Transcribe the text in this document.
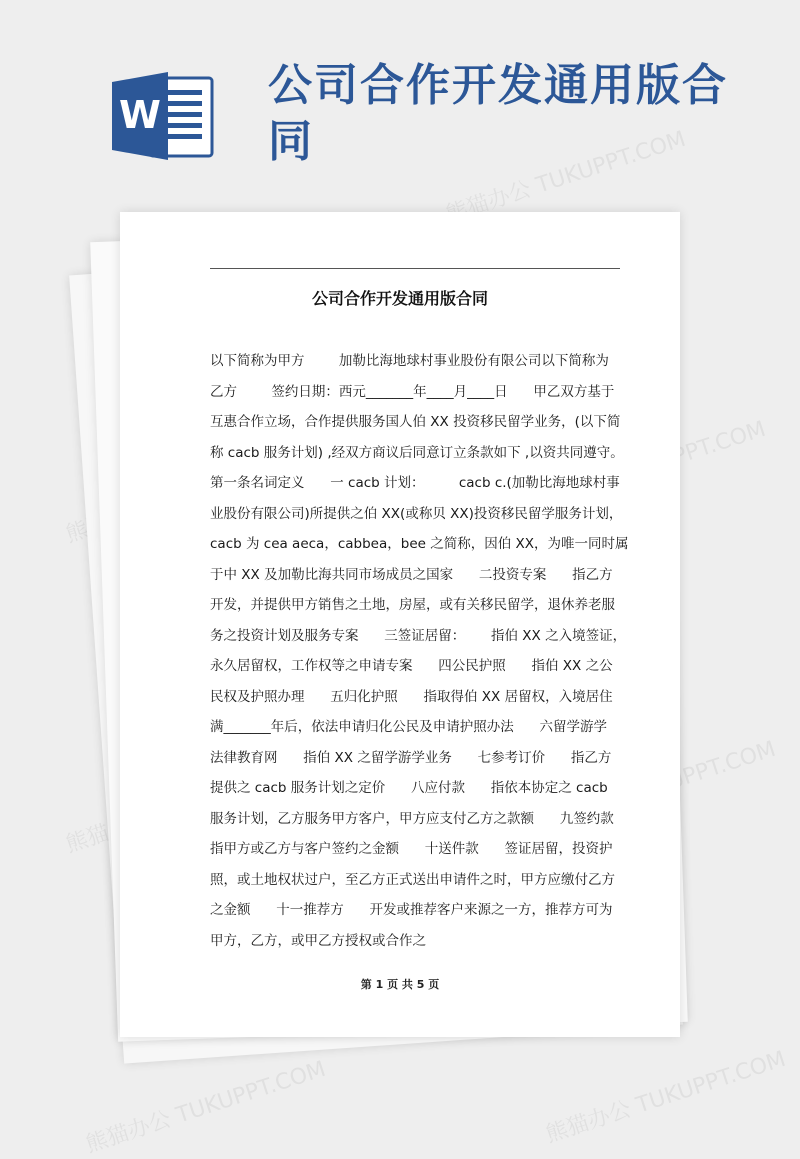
熊猫办公 TUKUPPT.COM
TUKUPPT.COM
TUKUPPT.COM
熊猫办公 TUKUPPT.COM	熊猫办公 TUKUPPT.COM
W
公司合作开发通用版合同
公司合作开发通用版合同
以下简称为甲方        加勒比海地球村事业股份有限公司以下简称为
乙方        签约日期：西元_______年____月____日      甲乙双方基于
互惠合作立场，合作提供服务国人伯 XX 投资移民留学业务，(以下简
称 cacb 服务计划) ,经双方商议后同意订立条款如下 ,以资共同遵守。
第一条名词定义      一 cacb 计划：        cacb c.(加勒比海地球村事
业股份有限公司)所提供之伯 XX(或称贝 XX)投资移民留学服务计划，
cacb 为 cea aeca，cabbea，bee 之简称，因伯 XX，为唯一同时属
于中 XX 及加勒比海共同市场成员之国家      二投资专案      指乙方
开发，并提供甲方销售之土地，房屋，或有关移民留学，退休养老服
务之投资计划及服务专案      三签证居留：      指伯 XX 之入境签证，
永久居留权，工作权等之申请专案      四公民护照      指伯 XX 之公
民权及护照办理      五归化护照      指取得伯 XX 居留权，入境居住
满_______年后，依法申请归化公民及申请护照办法      六留学游学
法律教育网      指伯 XX 之留学游学业务      七参考订价      指乙方
提供之 cacb 服务计划之定价      八应付款      指依本协定之 cacb
服务计划，乙方服务甲方客户，甲方应支付乙方之款额      九签约款
指甲方或乙方与客户签约之金额      十送件款      签证居留，投资护
照，或土地权状过户，至乙方正式送出申请件之时，甲方应缴付乙方
之金额      十一推荐方      开发或推荐客户来源之一方，推荐方可为
甲方，乙方，或甲乙方授权或合作之
第 1 页 共 5 页
